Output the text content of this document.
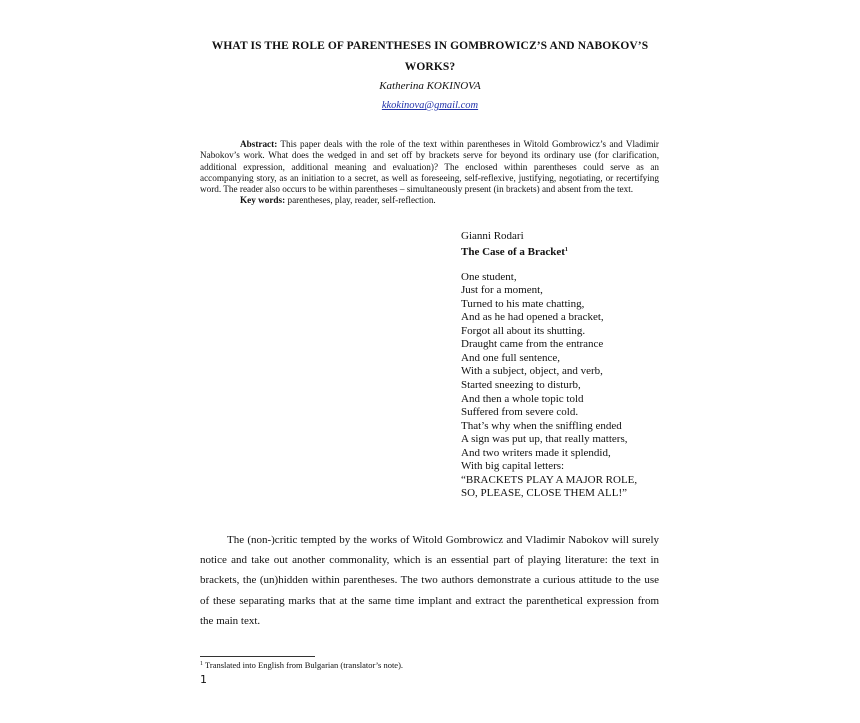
WHAT IS THE ROLE OF PARENTHESES IN GOMBROWICZ’S AND NABOKOV’S
WORKS?
Katherina KOKINOVA
kkokinova@gmail.com

Abstract: This paper deals with the role of the text within parentheses in Witold Gombrowicz’s and Vladimir Nabokov’s work. What does the wedged in and set off by brackets serve for beyond its ordinary use (for clarification, additional expression, additional meaning and evaluation)? The enclosed within parentheses could serve as an accompanying story, as an initiation to a secret, as well as foreseeing, self-reflexive, justifying, negotiating, or recertifying word. The reader also occurs to be within parentheses – simultaneously present (in brackets) and absent from the text.

Key words: parentheses, play, reader, self-reflection.

Gianni Rodari
The Case of a Bracket$^1$
One student,
Just for a moment,
Turned to his mate chatting,
And as he had opened a bracket,
Forgot all about its shutting.
Draught came from the entrance
And one full sentence,
With a subject, object, and verb,
Started sneezing to disturb,
And then a whole topic told
Suffered from severe cold.
That’s why when the sniffling ended
A sign was put up, that really matters,
And two writers made it splendid,
With big capital letters:
“BRACKETS PLAY A MAJOR ROLE,
SO, PLEASE, CLOSE THEM ALL!”
The (non-)critic tempted by the works of Witold Gombrowicz and Vladimir Nabokov will surely notice and take out another commonality, which is an essential part of playing literature: the text in brackets, the (un)hidden within parentheses. The two authors demonstrate a curious attitude to the use of these separating marks that at the same time implant and extract the parenthetical expression from the main text.
$^1$ Translated into English from Bulgarian (translator’s note).
1
